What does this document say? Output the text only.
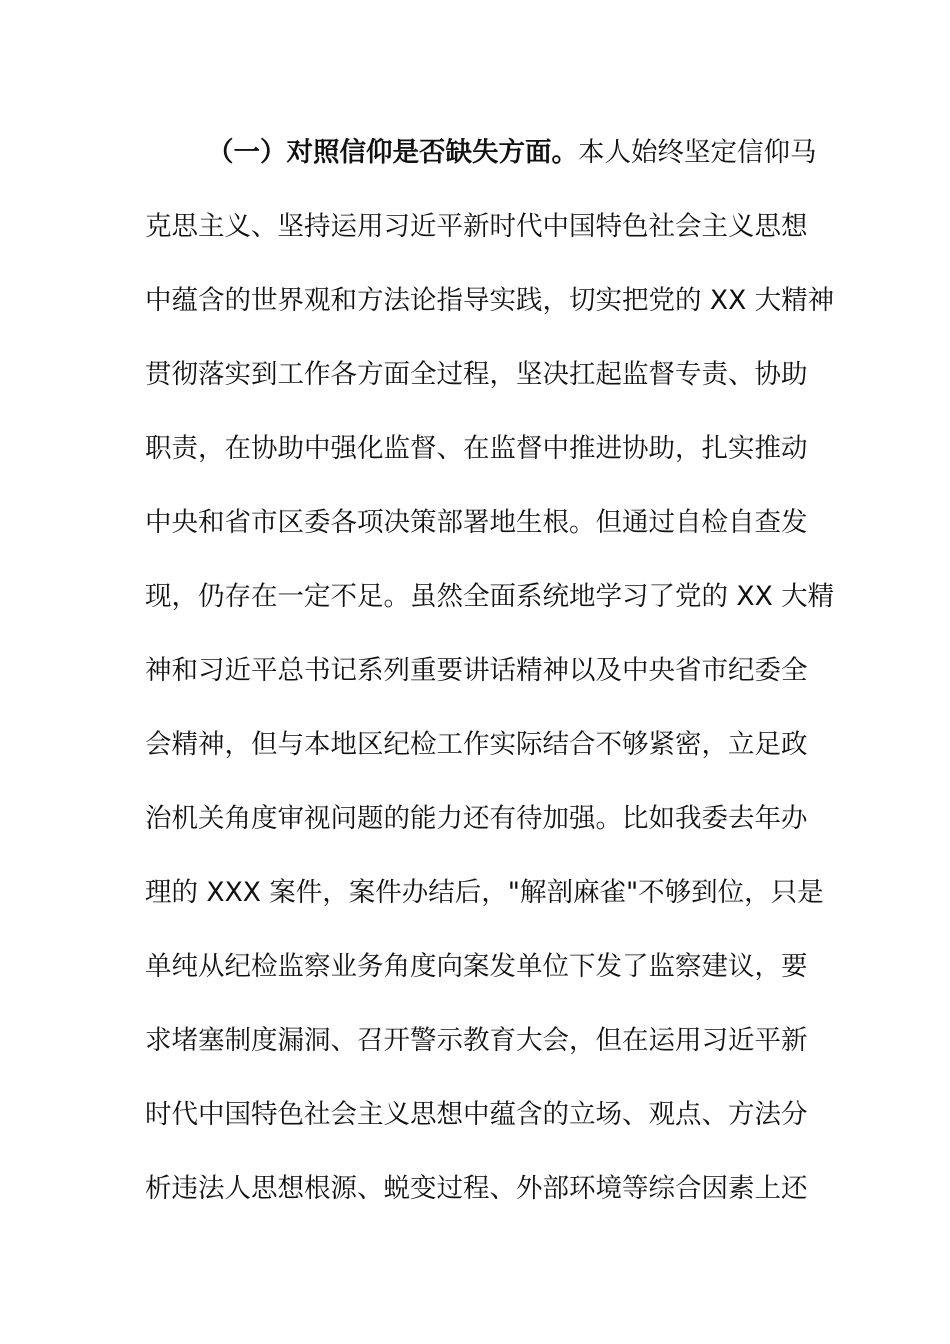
（一）对照信仰是否缺失方面。本人始终坚定信仰马
克思主义、坚持运用习近平新时代中国特色社会主义思想
中蕴含的世界观和方法论指导实践，切实把党的 XX 大精神
贯彻落实到工作各方面全过程，坚决扛起监督专责、协助
职责，在协助中强化监督、在监督中推进协助，扎实推动
中央和省市区委各项决策部署地生根。但通过自检自查发
现，仍存在一定不足。虽然全面系统地学习了党的 XX 大精
神和习近平总书记系列重要讲话精神以及中央省市纪委全
会精神，但与本地区纪检工作实际结合不够紧密，立足政
治机关角度审视问题的能力还有待加强。比如我委去年办
理的 XXX 案件，案件办结后，"解剖麻雀"不够到位，只是
单纯从纪检监察业务角度向案发单位下发了监察建议，要
求堵塞制度漏洞、召开警示教育大会，但在运用习近平新
时代中国特色社会主义思想中蕴含的立场、观点、方法分
析违法人思想根源、蜕变过程、外部环境等综合因素上还
